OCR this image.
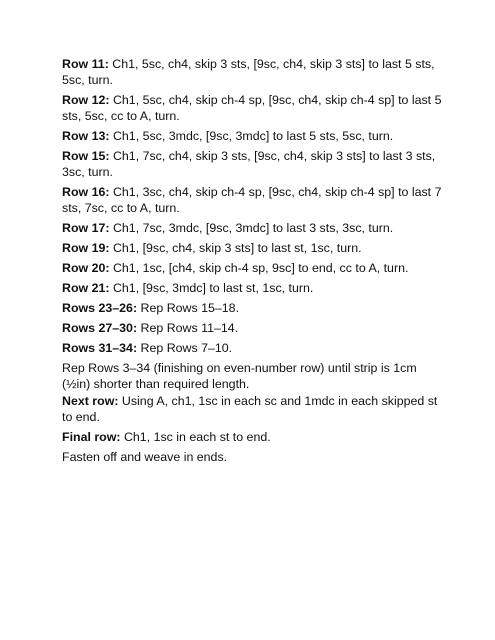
Row 11: Ch1, 5sc, ch4, skip 3 sts, [9sc, ch4, skip 3 sts] to last 5 sts, 5sc, turn.

Row 12: Ch1, 5sc, ch4, skip ch-4 sp, [9sc, ch4, skip ch-4 sp] to last 5 sts, 5sc, cc to A, turn.

Row 13: Ch1, 5sc, 3mdc, [9sc, 3mdc] to last 5 sts, 5sc, turn.

Row 15: Ch1, 7sc, ch4, skip 3 sts, [9sc, ch4, skip 3 sts] to last 3 sts, 3sc, turn.

Row 16: Ch1, 3sc, ch4, skip ch-4 sp, [9sc, ch4, skip ch-4 sp] to last 7 sts, 7sc, cc to A, turn.

Row 17: Ch1, 7sc, 3mdc, [9sc, 3mdc] to last 3 sts, 3sc, turn.

Row 19: Ch1, [9sc, ch4, skip 3 sts] to last st, 1sc, turn.

Row 20: Ch1, 1sc, [ch4, skip ch-4 sp, 9sc] to end, cc to A, turn.

Row 21: Ch1, [9sc, 3mdc] to last st, 1sc, turn.

Rows 23–26: Rep Rows 15–18.

Rows 27–30: Rep Rows 11–14.

Rows 31–34: Rep Rows 7–10.

Rep Rows 3–34 (finishing on even-number row) until strip is 1cm (½in) shorter than required length.

Next row: Using A, ch1, 1sc in each sc and 1mdc in each skipped st to end.

Final row: Ch1, 1sc in each st to end.

Fasten off and weave in ends.
